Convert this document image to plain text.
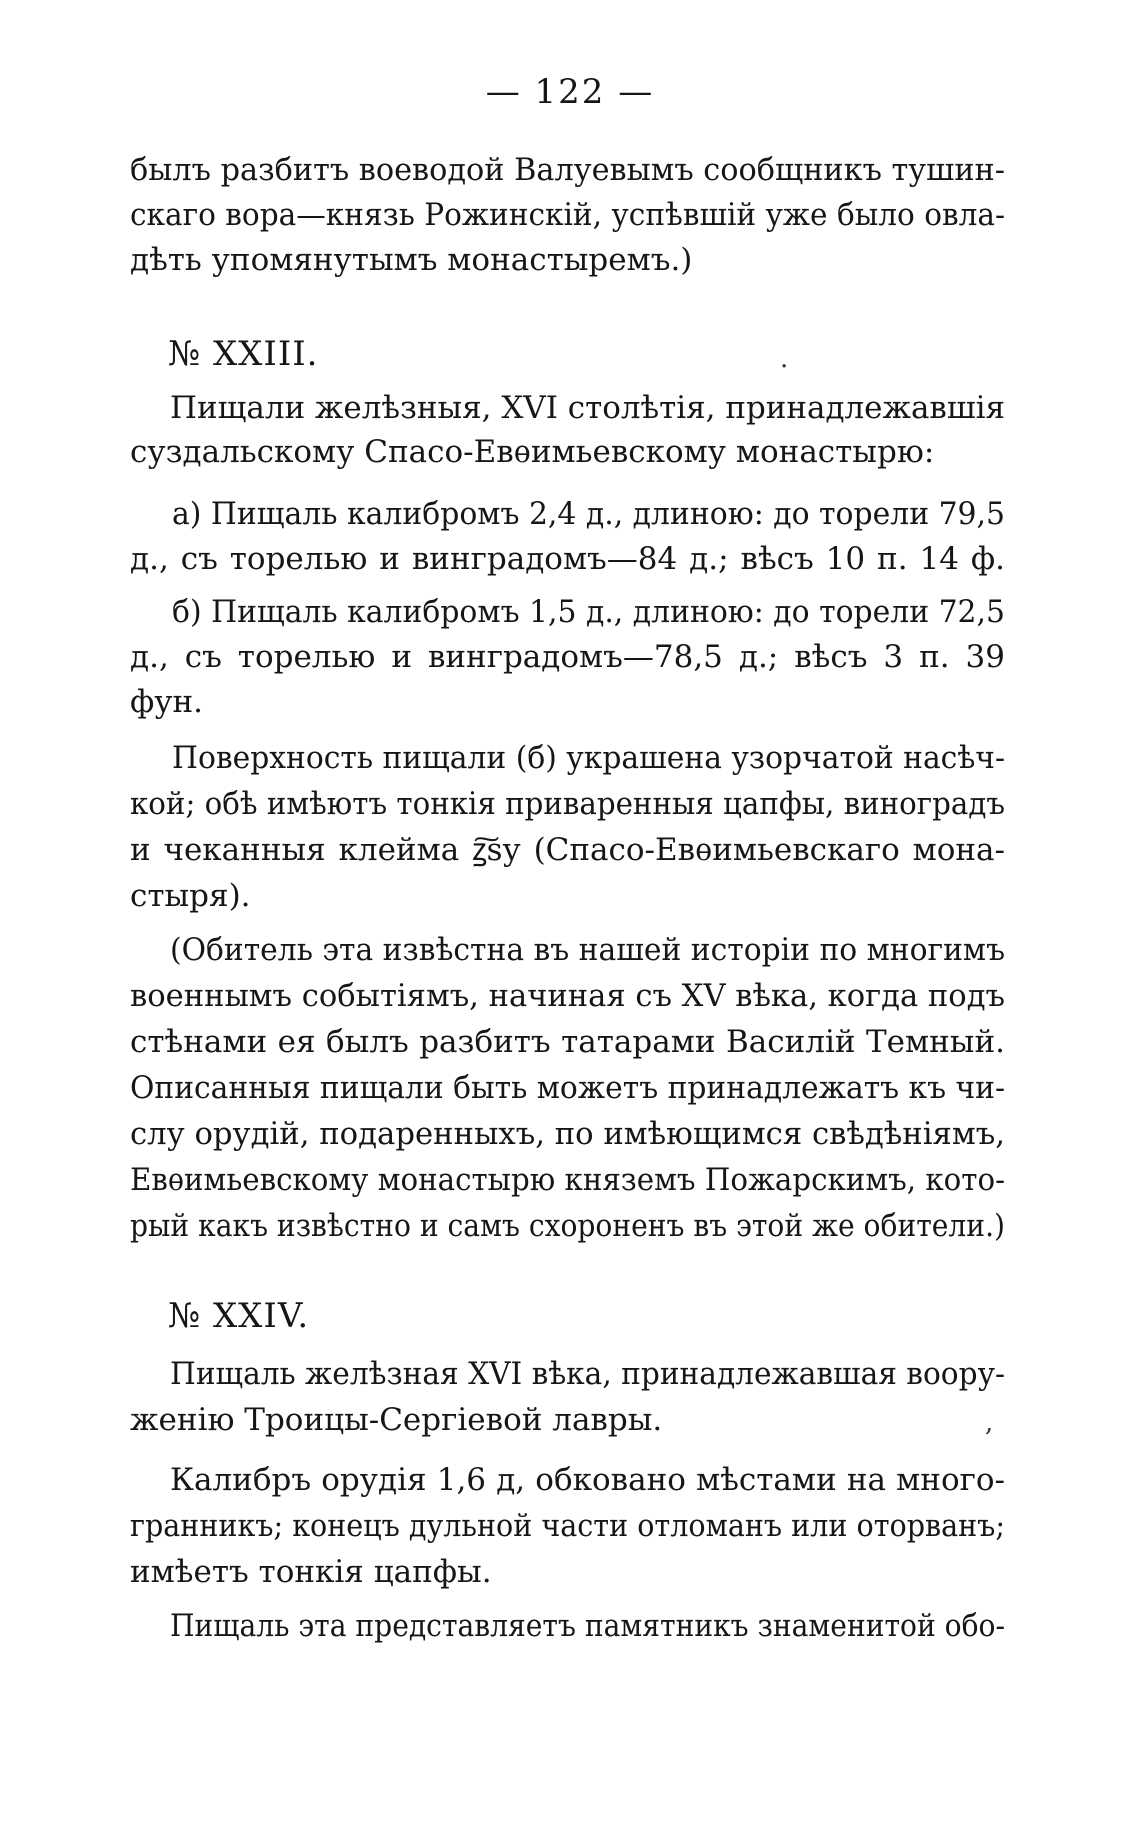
— 122 —
былъ разбитъ воеводой Валуевымъ сообщникъ тушин-
скаго вора—князь Рожинскій, успѣвшій уже было овла-
дѣть упомянутымъ монастыремъ.)
№ XXIII.	·
Пищали желѣзныя, XVI столѣтія, принадлежавшія
суздальскому Спасо-Евѳимьевскому монастырю:
а) Пищаль калибромъ 2,4 д., длиною: до торели 79,5
д., съ торелью и винградомъ—84 д.; вѣсъ 10 п. 14 ф.
б) Пищаль калибромъ 1,5 д., длиною: до торели 72,5
д., съ торелью и винградомъ—78,5 д.; вѣсъ 3 п. 39
фун.
Поверхность пищали (б) украшена узорчатой насѣч-
кой; обѣ имѣютъ тонкія приваренныя цапфы, виноградъ
и чеканныя клейма ꙁ͠ѕу (Спасо-Евѳимьевскаго мона-
стыря).
(Обитель эта извѣстна въ нашей исторіи по многимъ
военнымъ событіямъ, начиная съ XV вѣка, когда подъ
стѣнами ея былъ разбитъ татарами Василій Темный.
Описанныя пищали быть можетъ принадлежатъ къ чи-
слу орудій, подаренныхъ, по имѣющимся свѣдѣніямъ,
Евѳимьевскому монастырю княземъ Пожарскимъ, кото-
рый какъ извѣстно и самъ схороненъ въ этой же обители.)
№ XXIV.
Пищаль желѣзная XVI вѣка, принадлежавшая воору-
женію Троицы-Сергіевой лавры.	,
Калибръ орудія 1,6 д, обковано мѣстами на много-
гранникъ; конецъ дульной части отломанъ или оторванъ;
имѣетъ тонкія цапфы.
Пищаль эта представляетъ памятникъ знаменитой обо-
